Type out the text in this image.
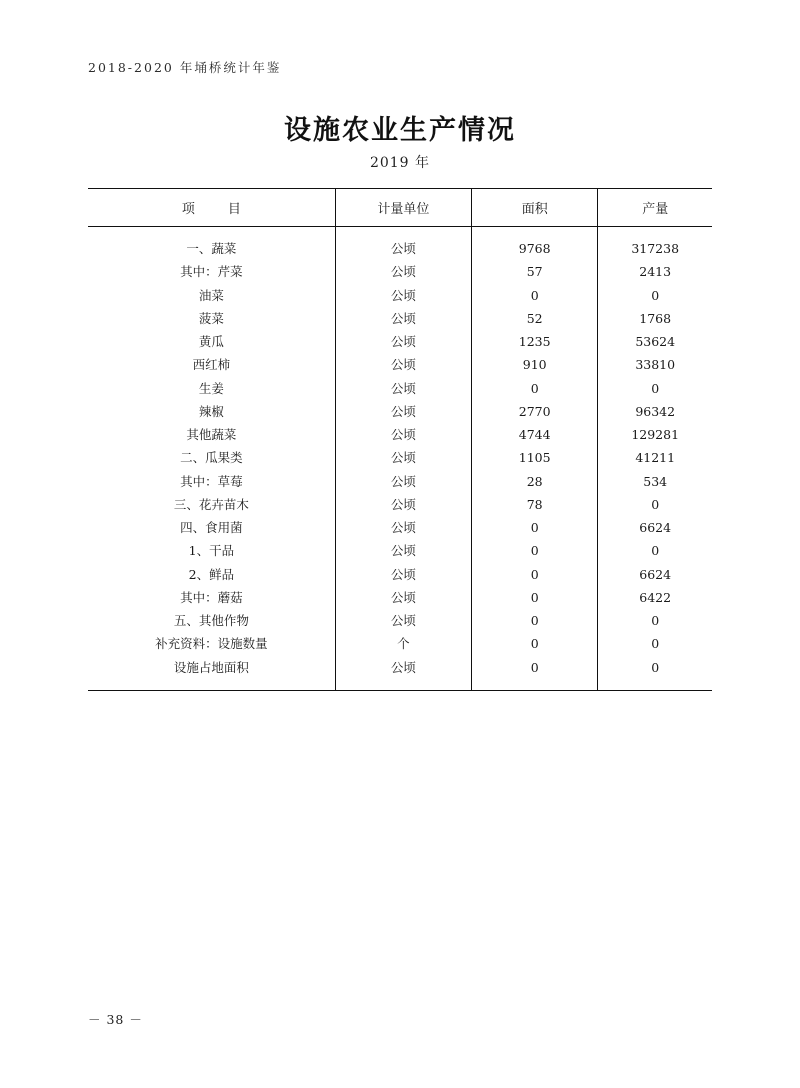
2018-2020 年埇桥统计年鉴
设施农业生产情况
2019 年
项　目	计量单位	面积	产量

一、蔬菜	公顷	9768	317238
其中：芹菜	公顷	57	2413
油菜	公顷	0	0
菠菜	公顷	52	1768
黄瓜	公顷	1235	53624
西红柿	公顷	910	33810
生姜	公顷	0	0
辣椒	公顷	2770	96342
其他蔬菜	公顷	4744	129281
二、瓜果类	公顷	1105	41211
其中：草莓	公顷	28	534
三、花卉苗木	公顷	78	0
四、食用菌	公顷	0	6624
1、干品	公顷	0	0
2、鲜品	公顷	0	6624
其中：蘑菇	公顷	0	6422
五、其他作物	公顷	0	0
补充资料：设施数量	个	0	0
设施占地面积	公顷	0	0

－ 38 －
